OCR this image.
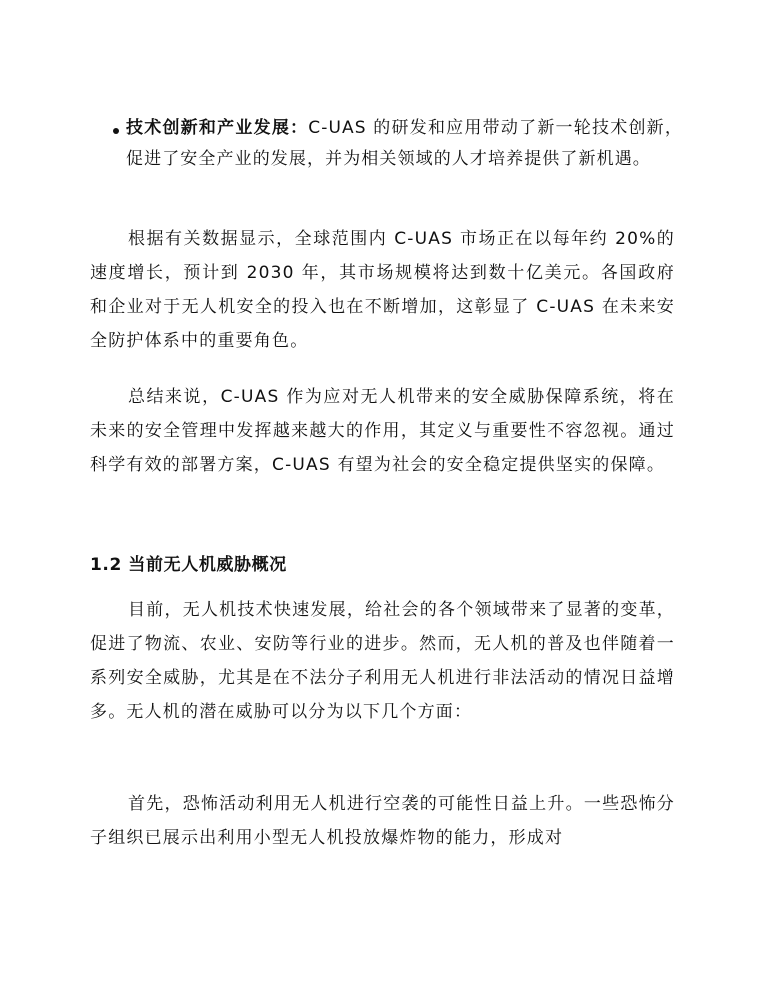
技术创新和产业发展：C-UAS 的研发和应用带动了新一轮技术创新，促进了安全产业的发展，并为相关领域的人才培养提供了新机遇。

根据有关数据显示，全球范围内 C-UAS 市场正在以每年约 20%的速度增长，预计到 2030 年，其市场规模将达到数十亿美元。各国政府和企业对于无人机安全的投入也在不断增加，这彰显了 C-UAS 在未来安全防护体系中的重要角色。

总结来说，C-UAS 作为应对无人机带来的安全威胁保障系统，将在未来的安全管理中发挥越来越大的作用，其定义与重要性不容忽视。通过科学有效的部署方案，C-UAS 有望为社会的安全稳定提供坚实的保障。

1.2 当前无人机威胁概况

目前，无人机技术快速发展，给社会的各个领域带来了显著的变革，促进了物流、农业、安防等行业的进步。然而，无人机的普及也伴随着一系列安全威胁，尤其是在不法分子利用无人机进行非法活动的情况日益增多。无人机的潜在威胁可以分为以下几个方面：

首先，恐怖活动利用无人机进行空袭的可能性日益上升。一些恐怖分子组织已展示出利用小型无人机投放爆炸物的能力，形成对
